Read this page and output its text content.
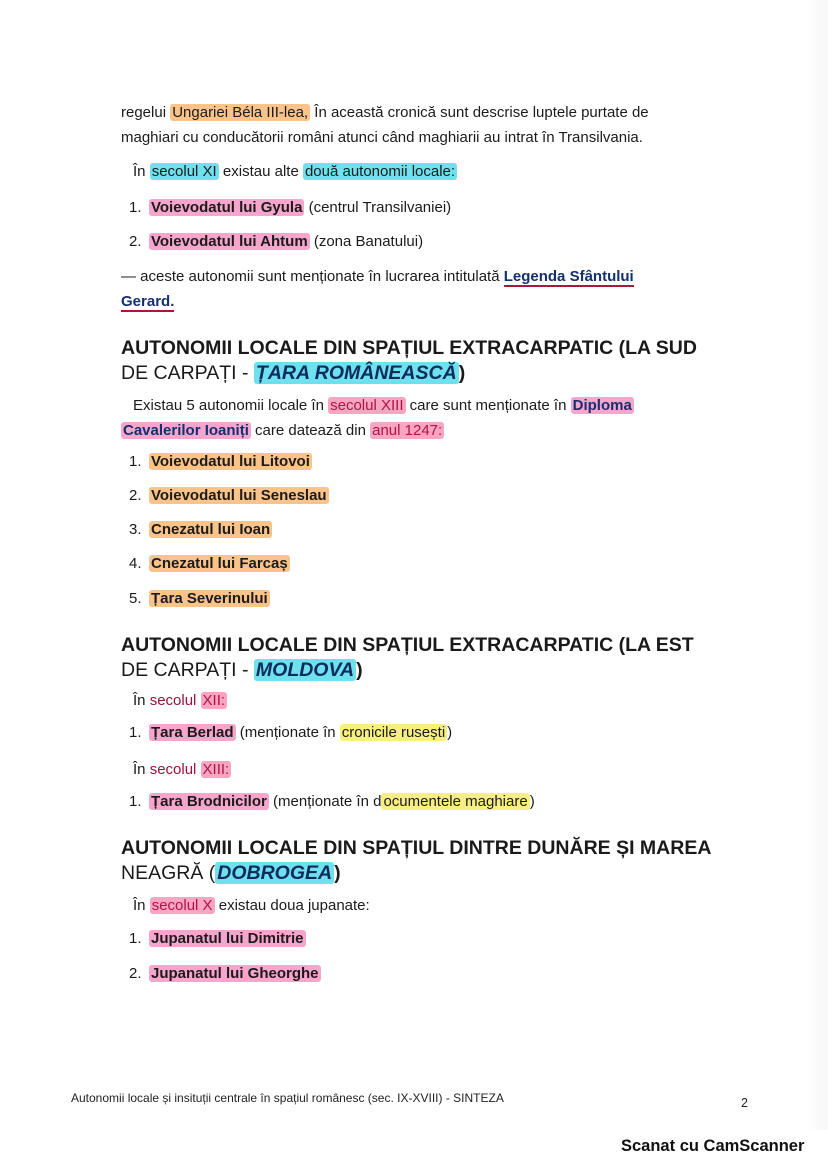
regelui Ungariei Béla III-lea, În această cronică sunt descrise luptele purtate de
maghiari cu conducătorii români atunci când maghiarii au intrat în Transilvania.
În secolul XI existau alte două autonomii locale:
1. Voievodatul lui Gyula (centrul Transilvaniei)
2. Voievodatul lui Ahtum (zona Banatului)
— aceste autonomii sunt menționate în lucrarea intitulată Legenda Sfântului
Gerard.
AUTONOMII LOCALE DIN SPAȚIUL EXTRACARPATIC (LA SUD
DE CARPAȚI - ȚARA ROMÂNEASCĂ )
Existau 5 autonomii locale în secolul XIII care sunt menționate în Diploma
Cavalerilor Ioaniți care datează din anul 1247:
1. Voievodatul lui Litovoi
2. Voievodatul lui Seneslau
3. Cnezatul lui Ioan
4. Cnezatul lui Farcaș
5. Țara Severinului
AUTONOMII LOCALE DIN SPAȚIUL EXTRACARPATIC (LA EST
DE CARPAȚI - MOLDOVA )
În secolul XII:
1. Țara Berlad (menționate în cronicile rusești )
În secolul XIII:
1. Țara Brodnicilor (menționate în d ocumentele maghiare )
AUTONOMII LOCALE DIN SPAȚIUL DINTRE DUNĂRE ȘI MAREA
NEAGRĂ ( DOBROGEA )
În secolul X existau doua jupanate:
1. Jupanatul lui Dimitrie
2. Jupanatul lui Gheorghe
Autonomii locale și insituții centrale în spațiul românesc (sec. IX-XVIII) - SINTEZA	2
Scanat cu CamScanner
